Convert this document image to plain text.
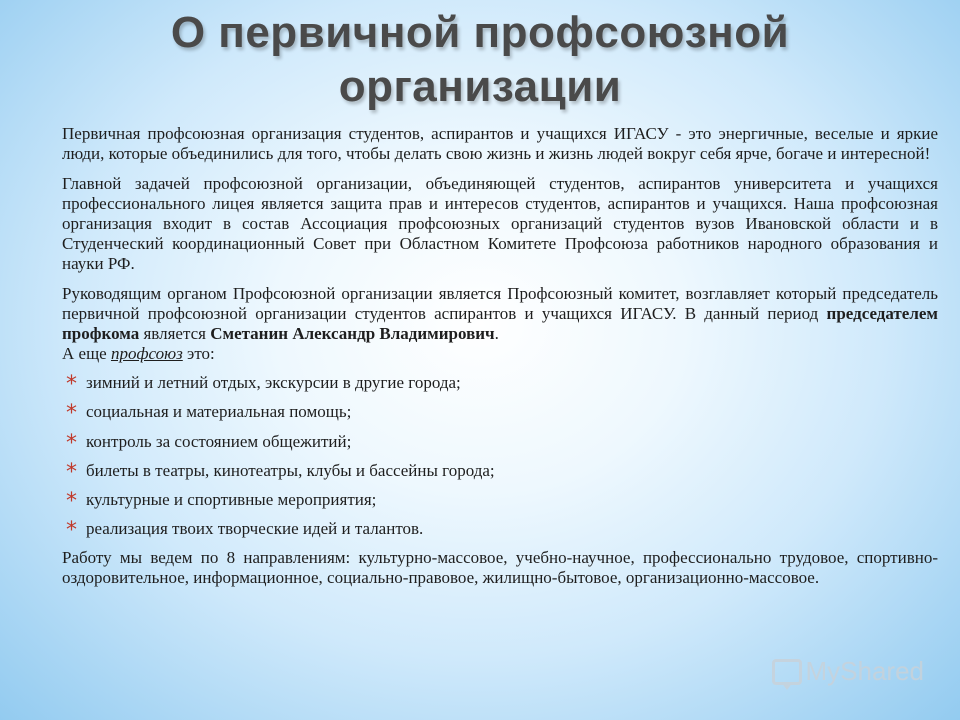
О первичной профсоюзной
организации

Первичная профсоюзная организация студентов, аспирантов и учащихся ИГАСУ - это энергичные, веселые и яркие люди, которые объединились для того, чтобы делать свою жизнь и жизнь людей вокруг себя ярче, богаче и интересной!

Главной задачей профсоюзной организации, объединяющей студентов, аспирантов университета и учащихся профессионального лицея является защита прав и интересов студентов, аспирантов и учащихся. Наша профсоюзная организация входит в состав Ассоциация профсоюзных организаций студентов вузов Ивановской области и в Студенческий координационный Совет при Областном Комитете Профсоюза работников народного образования и науки РФ.

Руководящим органом Профсоюзной организации является Профсоюзный комитет, возглавляет который председатель первичной профсоюзной организации студентов аспирантов и учащихся ИГАСУ. В данный период председателем профкома является Сметанин Александр Владимирович.

А еще профсоюз это:

* зимний и летний отдых, экскурсии в другие города;
* социальная и материальная помощь;
* контроль за состоянием общежитий;
* билеты в театры, кинотеатры, клубы и бассейны города;
* культурные и спортивные мероприятия;
* реализация твоих творческие идей и талантов.

Работу мы ведем по 8 направлениям: культурно-массовое, учебно-научное, профессионально трудовое, спортивно- оздоровительное, информационное, социально-правовое, жилищно-бытовое, организационно-массовое.

MyShared
